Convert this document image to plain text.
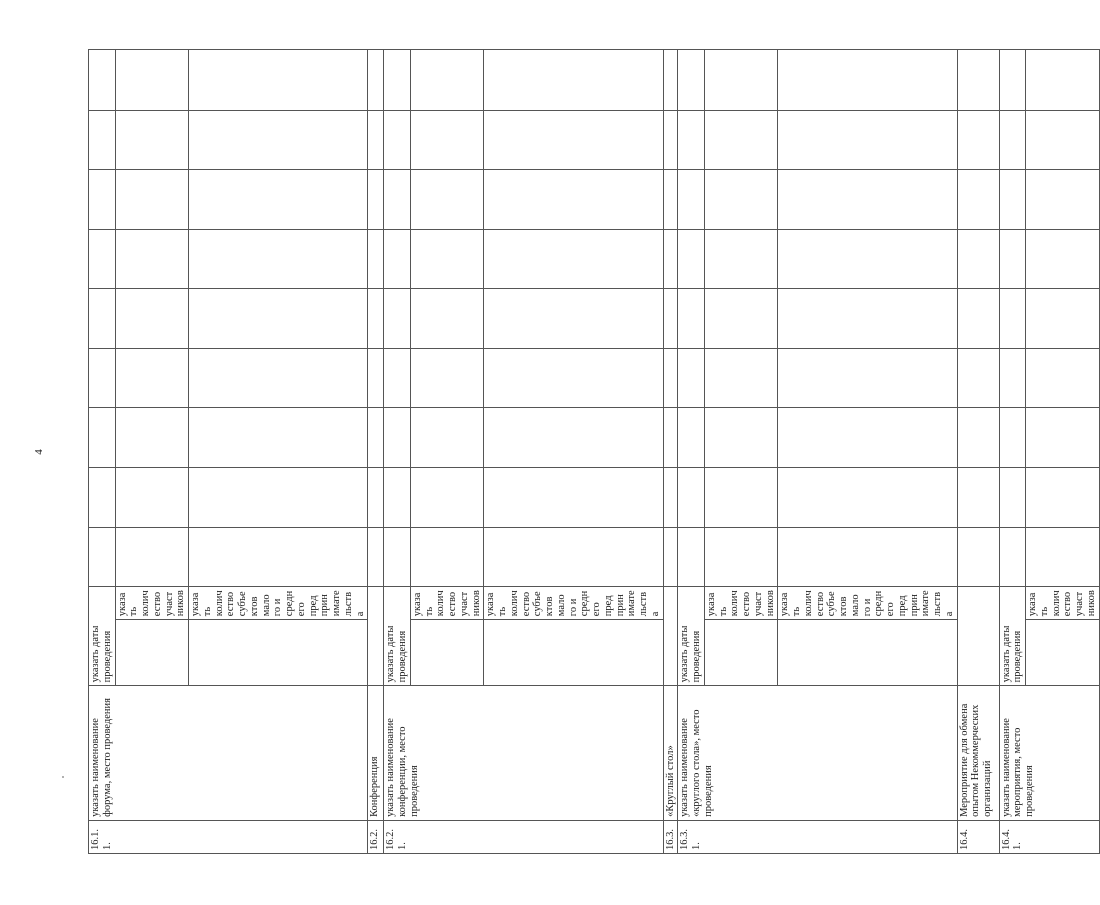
4
16.1.1.	указать наименование форума, место проведения	указать даты проведения										
			указать количество участников									
			указать количество субъектов малого и среднего предпринимательства									
16.2.	Конференция											
16.2.1.	указать наименование конференции, место проведения	указать даты проведения										
			указать количество участников									
			указать количество субъектов малого и среднего предпринимательства									
16.3.	«Круглый стол»											
16.3.1.	указать наименование «круглого стола», место проведения	указать даты проведения										
			указать количество участников									
			указать количество субъектов малого и среднего предпринимательства									
16.4.	Мероприятие для обмена опытом Некоммерческих организаций											
16.4.1.	указать наименование мероприятия, место проведения	указать даты проведения										
			указать количество участников									
